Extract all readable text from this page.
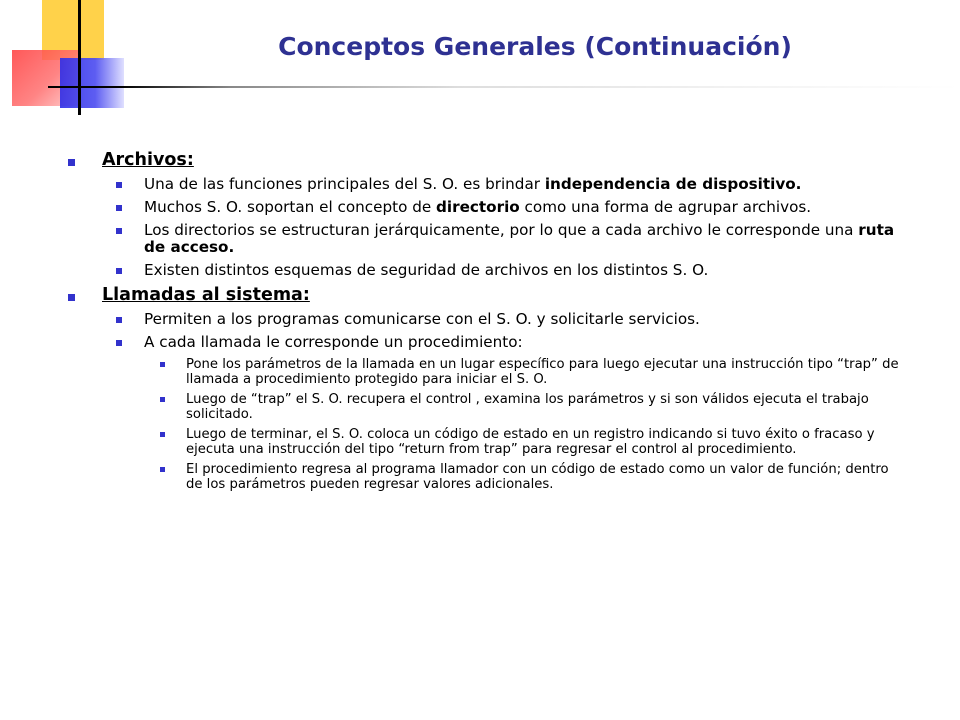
Conceptos Generales (Continuación)
Archivos:
Una de las funciones principales del S. O. es brindar independencia de dispositivo.
Muchos S. O. soportan el concepto de directorio como una forma de agrupar archivos.
Los directorios se estructuran jerárquicamente, por lo que a cada archivo le corresponde una ruta de acceso.
Existen distintos esquemas de seguridad de archivos en los distintos S. O.
Llamadas al sistema:
Permiten a los programas comunicarse con el S. O. y solicitarle servicios.
A cada llamada le corresponde un procedimiento:
Pone los parámetros de la llamada en un lugar específico para luego ejecutar una instrucción tipo “trap” de llamada a procedimiento protegido para iniciar el S. O.
Luego de “trap” el S. O. recupera el control , examina los parámetros y si son válidos ejecuta el trabajo solicitado.
Luego de terminar, el S. O. coloca un código de estado en un registro indicando si tuvo éxito o fracaso y ejecuta una instrucción del tipo “return from trap” para regresar el control al procedimiento.
El procedimiento regresa al programa llamador con un código de estado como un valor de función; dentro de los parámetros pueden regresar valores adicionales.
